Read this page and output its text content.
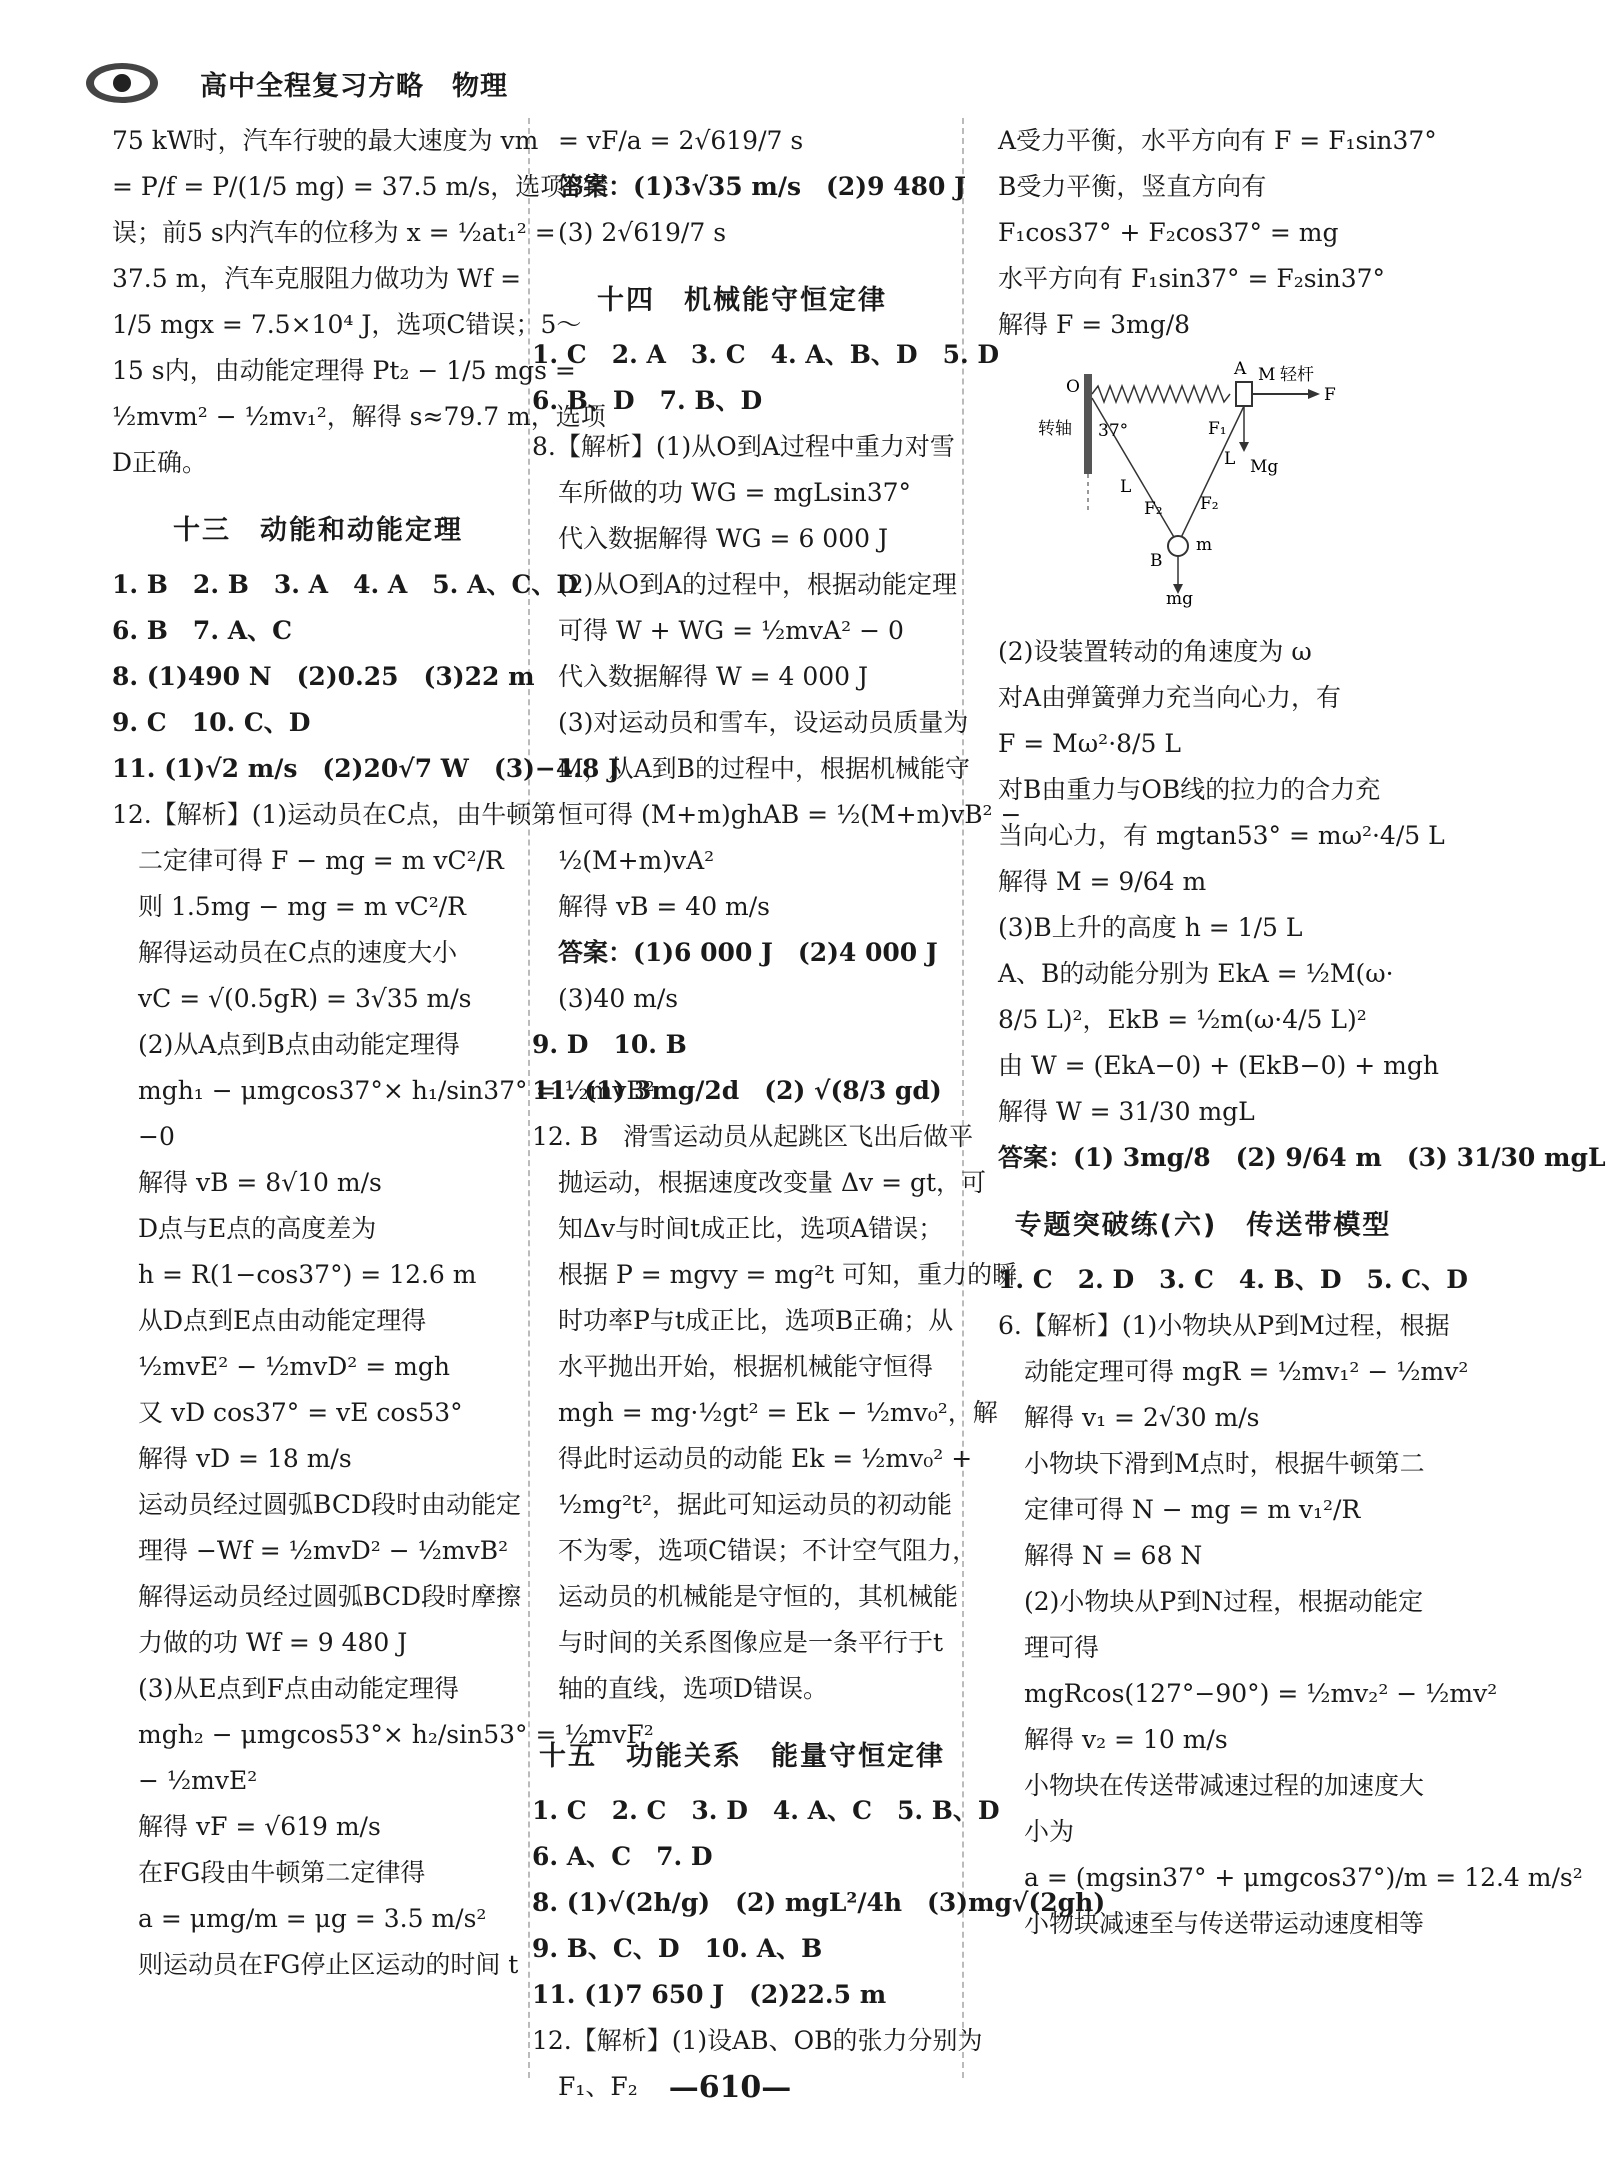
高中全程复习方略　物理
75 kW时，汽车行驶的最大速度为 vm
= P/f = P/(1/5 mg) = 37.5 m/s，选项B错
误；前5 s内汽车的位移为 x = ½at₁² =
37.5 m，汽车克服阻力做功为 Wf =
1/5 mgx = 7.5×10⁴ J，选项C错误；5～
15 s内，由动能定理得 Pt₂ − 1/5 mgs =
½mvm² − ½mv₁²，解得 s≈79.7 m，选项
D正确。
十三　动能和动能定理
1. B　2. B　3. A　4. A　5. A、C、D
6. B　7. A、C
8. (1)490 N　(2)0.25　(3)22 m
9. C　10. C、D
11. (1)√2 m/s　(2)20√7 W　(3)−4.8 J
12.【解析】(1)运动员在C点，由牛顿第
二定律可得 F − mg = m vC²/R
则 1.5mg − mg = m vC²/R
解得运动员在C点的速度大小
vC = √(0.5gR) = 3√35 m/s
(2)从A点到B点由动能定理得
mgh₁ − μmgcos37°× h₁/sin37° = ½mvB²
−0
解得 vB = 8√10 m/s
D点与E点的高度差为
h = R(1−cos37°) = 12.6 m
从D点到E点由动能定理得
½mvE² − ½mvD² = mgh
又 vD cos37° = vE cos53°
解得 vD = 18 m/s
运动员经过圆弧BCD段时由动能定
理得 −Wf = ½mvD² − ½mvB²
解得运动员经过圆弧BCD段时摩擦
力做的功 Wf = 9 480 J
(3)从E点到F点由动能定理得
mgh₂ − μmgcos53°× h₂/sin53° = ½mvF²
− ½mvE²
解得 vF = √619 m/s
在FG段由牛顿第二定律得
a = μmg/m = μg = 3.5 m/s²
则运动员在FG停止区运动的时间 t
= vF/a = 2√619/7 s
答案：(1)3√35 m/s　(2)9 480 J
(3) 2√619/7 s
十四　机械能守恒定律
1. C　2. A　3. C　4. A、B、D　5. D
6. B、D　7. B、D
8.【解析】(1)从O到A过程中重力对雪
车所做的功 WG = mgLsin37°
代入数据解得 WG = 6 000 J
(2)从O到A的过程中，根据动能定理
可得 W + WG = ½mvA² − 0
代入数据解得 W = 4 000 J
(3)对运动员和雪车，设运动员质量为
M，从A到B的过程中，根据机械能守
恒可得 (M+m)ghAB = ½(M+m)vB² −
½(M+m)vA²
解得 vB = 40 m/s
答案：(1)6 000 J　(2)4 000 J
(3)40 m/s
9. D　10. B
11. (1) 3mg/2d　(2) √(8/3 gd)
12. B　滑雪运动员从起跳区飞出后做平
抛运动，根据速度改变量 Δv = gt，可
知Δv与时间t成正比，选项A错误；
根据 P = mgvy = mg²t 可知，重力的瞬
时功率P与t成正比，选项B正确；从
水平抛出开始，根据机械能守恒得
mgh = mg·½gt² = Ek − ½mv₀²，解
得此时运动员的动能 Ek = ½mv₀² +
½mg²t²，据此可知运动员的初动能
不为零，选项C错误；不计空气阻力，
运动员的机械能是守恒的，其机械能
与时间的关系图像应是一条平行于t
轴的直线，选项D错误。
十五　功能关系　能量守恒定律
1. C　2. C　3. D　4. A、C　5. B、D
6. A、C　7. D
8. (1)√(2h/g)　(2) mgL²/4h　(3)mg√(2gh)
9. B、C、D　10. A、B
11. (1)7 650 J　(2)22.5 m
12.【解析】(1)设AB、OB的张力分别为
F₁、F₂
A受力平衡，水平方向有 F = F₁sin37°
B受力平衡，竖直方向有
F₁cos37° + F₂cos37° = mg
水平方向有 F₁sin37° = F₂sin37°
解得 F = 3mg/8
O
A M 轻杆
F
转轴 37°	F₁
L Mg
L
F₂ F₂
B
m
mg
(2)设装置转动的角速度为 ω
对A由弹簧弹力充当向心力，有
F = Mω²·8/5 L
对B由重力与OB线的拉力的合力充
当向心力，有 mgtan53° = mω²·4/5 L
解得 M = 9/64 m
(3)B上升的高度 h = 1/5 L
A、B的动能分别为 EkA = ½M(ω·
8/5 L)²，EkB = ½m(ω·4/5 L)²
由 W = (EkA−0) + (EkB−0) + mgh
解得 W = 31/30 mgL
答案：(1) 3mg/8　(2) 9/64 m　(3) 31/30 mgL
专题突破练(六)　传送带模型
1. C　2. D　3. C　4. B、D　5. C、D
6.【解析】(1)小物块从P到M过程，根据
动能定理可得 mgR = ½mv₁² − ½mv²
解得 v₁ = 2√30 m/s
小物块下滑到M点时，根据牛顿第二
定律可得 N − mg = m v₁²/R
解得 N = 68 N
(2)小物块从P到N过程，根据动能定
理可得
mgRcos(127°−90°) = ½mv₂² − ½mv²
解得 v₂ = 10 m/s
小物块在传送带减速过程的加速度大
小为
a = (mgsin37° + μmgcos37°)/m = 12.4 m/s²
小物块减速至与传送带运动速度相等
—610—
